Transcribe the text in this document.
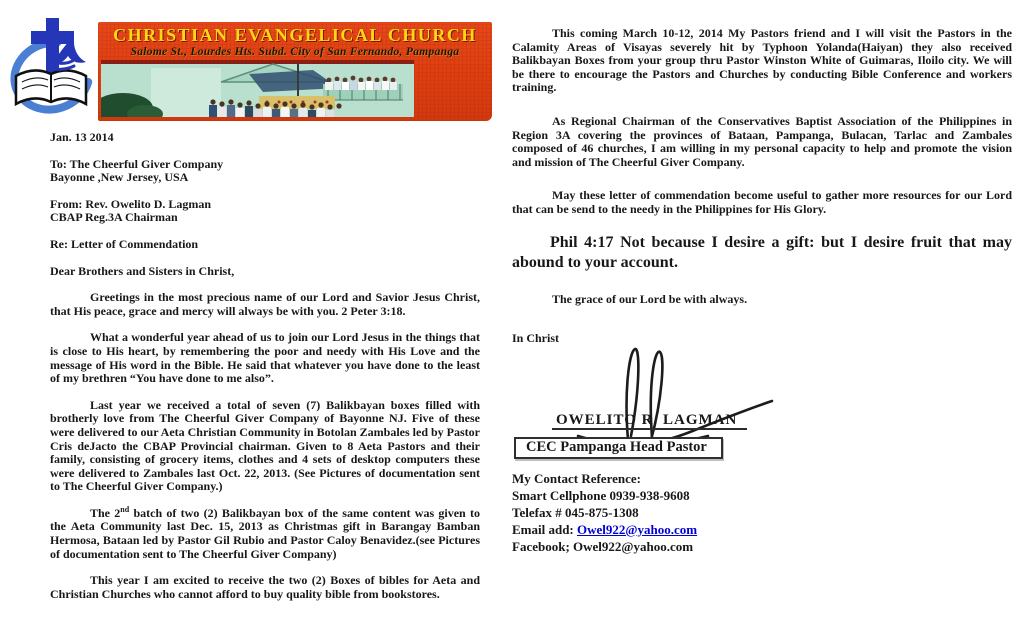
CHRISTIAN EVANGELICAL CHURCH

Salome St., Lourdes Hts. Subd. City of San Fernando, Pampanga

Jan. 13 2014

To: The Cheerful Giver Company

Bayonne ,New Jersey, USA

From: Rev. Owelito D. Lagman

CBAP Reg.3A Chairman

Re: Letter of Commendation

Dear Brothers and Sisters in Christ,

Greetings in the most precious name of our Lord and Savior Jesus Christ, that His peace, grace and mercy will always be with you. 2 Peter 3:18.

What a wonderful year ahead of us to join our Lord Jesus in the things that is close to His heart, by remembering the poor and needy with His Love and the message of His word in the Bible. He said that whatever you have done to the least of my brethren “You have done to me also”.

Last year we received a total of seven (7) Balikbayan boxes filled with brotherly love from The Cheerful Giver Company of Bayonne NJ. Five of these were delivered to our Aeta Christian Community in Botolan Zambales led by Pastor Cris deJacto the CBAP Provincial chairman. Given to 8 Aeta Pastors and their family, consisting of grocery items, clothes and 4 sets of desktop computers these were delivered to Zambales last Oct. 22, 2013. (See Pictures of documentation sent to The Cheerful Giver Company.)

The 2nd batch of two (2) Balikbayan box of the same content was given to the Aeta Community last Dec. 15, 2013 as Christmas gift in Barangay Bamban Hermosa, Bataan led by Pastor Gil Rubio and Pastor Caloy Benavidez.(see Pictures of documentation sent to The Cheerful Giver Company)

This year I am excited to receive the two (2) Boxes of bibles for Aeta and Christian Churches who cannot afford to buy quality bible from bookstores.

This coming March 10-12, 2014 My Pastors friend and I will visit the Pastors in the Calamity Areas of Visayas severely hit by Typhoon Yolanda(Haiyan) they also received Balikbayan Boxes from your group thru Pastor Winston White of Guimaras, Iloilo city. We will be there to encourage the Pastors and Churches by conducting Bible Conference and workers training.

As Regional Chairman of the Conservatives Baptist Association of the Philippines in Region 3A covering the provinces of Bataan, Pampanga, Bulacan, Tarlac and Zambales composed of 46 churches, I am willing in my personal capacity to help and promote the vision and mission of The Cheerful Giver Company.

May these letter of commendation become useful to gather more resources for our Lord that can be send to the needy in the Philippines for His Glory.

Phil 4:17 Not because I desire a gift: but I desire fruit that may abound to your account.

The grace of our Lord be with always.

In Christ

OWELITO R. LAGMAN
CEC Pampanga Head Pastor

My Contact Reference:

Smart Cellphone 0939-938-9608

Telefax # 045-875-1308

Email add: Owel922@yahoo.com

Facebook; Owel922@yahoo.com
